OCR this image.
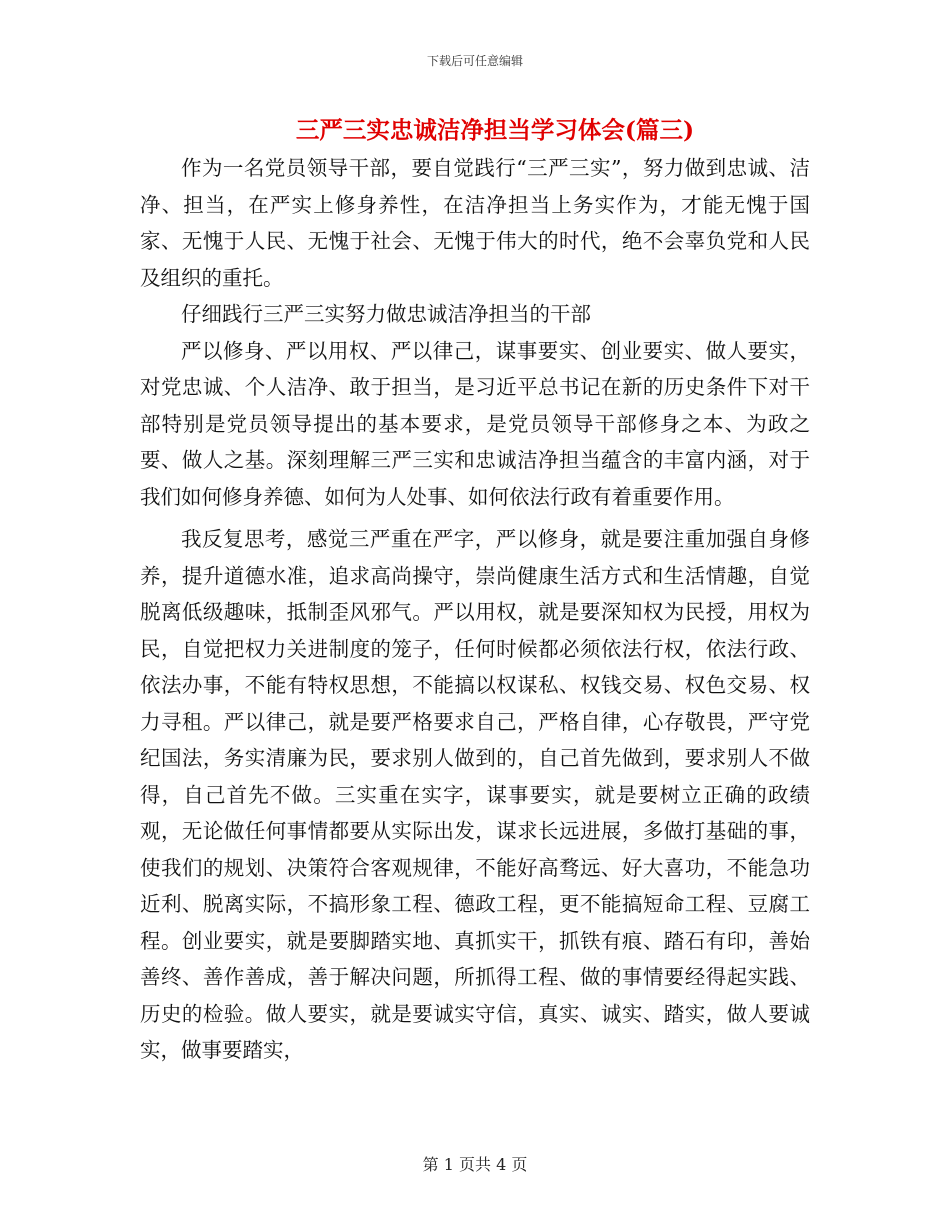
下载后可任意编辑
三严三实忠诚洁净担当学习体会(篇三)

作为一名党员领导干部，要自觉践行“三严三实”，努力做到忠诚、洁净、担当，在严实上修身养性，在洁净担当上务实作为，才能无愧于国家、无愧于人民、无愧于社会、无愧于伟大的时代，绝不会辜负党和人民及组织的重托。

仔细践行三严三实努力做忠诚洁净担当的干部

严以修身、严以用权、严以律己，谋事要实、创业要实、做人要实，对党忠诚、个人洁净、敢于担当，是习近平总书记在新的历史条件下对干部特别是党员领导提出的基本要求，是党员领导干部修身之本、为政之要、做人之基。深刻理解三严三实和忠诚洁净担当蕴含的丰富内涵，对于我们如何修身养德、如何为人处事、如何依法行政有着重要作用。

我反复思考，感觉三严重在严字，严以修身，就是要注重加强自身修养，提升道德水准，追求高尚操守，崇尚健康生活方式和生活情趣，自觉脱离低级趣味，抵制歪风邪气。严以用权，就是要深知权为民授，用权为民，自觉把权力关进制度的笼子，任何时候都必须依法行权，依法行政、依法办事，不能有特权思想，不能搞以权谋私、权钱交易、权色交易、权力寻租。严以律己，就是要严格要求自己，严格自律，心存敬畏，严守党纪国法，务实清廉为民，要求别人做到的，自己首先做到，要求别人不做得，自己首先不做。三实重在实字，谋事要实，就是要树立正确的政绩观，无论做任何事情都要从实际出发，谋求长远进展，多做打基础的事，使我们的规划、决策符合客观规律，不能好高骛远、好大喜功，不能急功近利、脱离实际，不搞形象工程、德政工程，更不能搞短命工程、豆腐工程。创业要实，就是要脚踏实地、真抓实干，抓铁有痕、踏石有印，善始善终、善作善成，善于解决问题，所抓得工程、做的事情要经得起实践、历史的检验。做人要实，就是要诚实守信，真实、诚实、踏实，做人要诚实，做事要踏实，

第 1 页共 4 页
